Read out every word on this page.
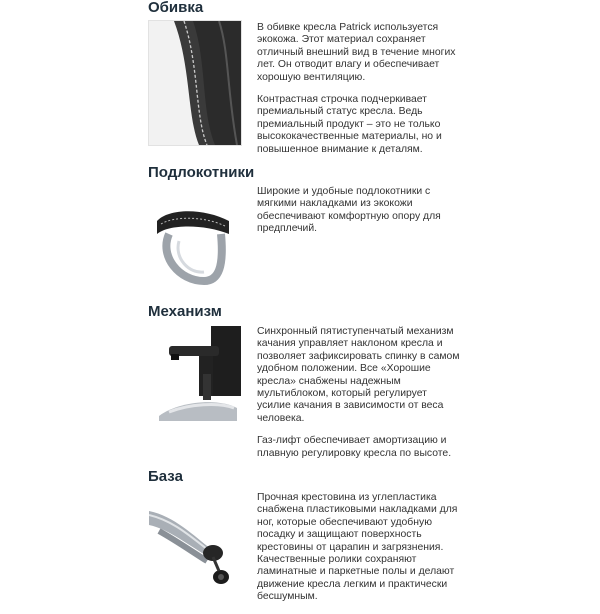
Обивка

В обивке кресла Patrick используется экокожа. Этот материал сохраняет отличный внешний вид в течение многих лет. Он отводит влагу и обеспечивает хорошую вентиляцию.

Контрастная строчка подчеркивает премиальный статус кресла. Ведь премиальный продукт – это не только высококачественные материалы, но и повышенное внимание к деталям.

Подлокотники

Широкие и удобные подлокотники с мягкими накладками из экокожи обеспечивают комфортную опору для предплечий.

Механизм

Синхронный пятиступенчатый механизм качания управляет наклоном кресла и позволяет зафиксировать спинку в самом удобном положении. Все «Хорошие кресла» снабжены надежным мультиблоком, который регулирует усилие качания в зависимости от веса человека.

Газ-лифт обеспечивает амортизацию и плавную регулировку кресла по высоте.

База

Прочная крестовина из углепластика снабжена пластиковыми накладками для ног, которые обеспечивают удобную посадку и защищают поверхность крестовины от царапин и загрязнения. Качественные ролики сохраняют ламинатные и паркетные полы и делают движение кресла легким и практически бесшумным.
